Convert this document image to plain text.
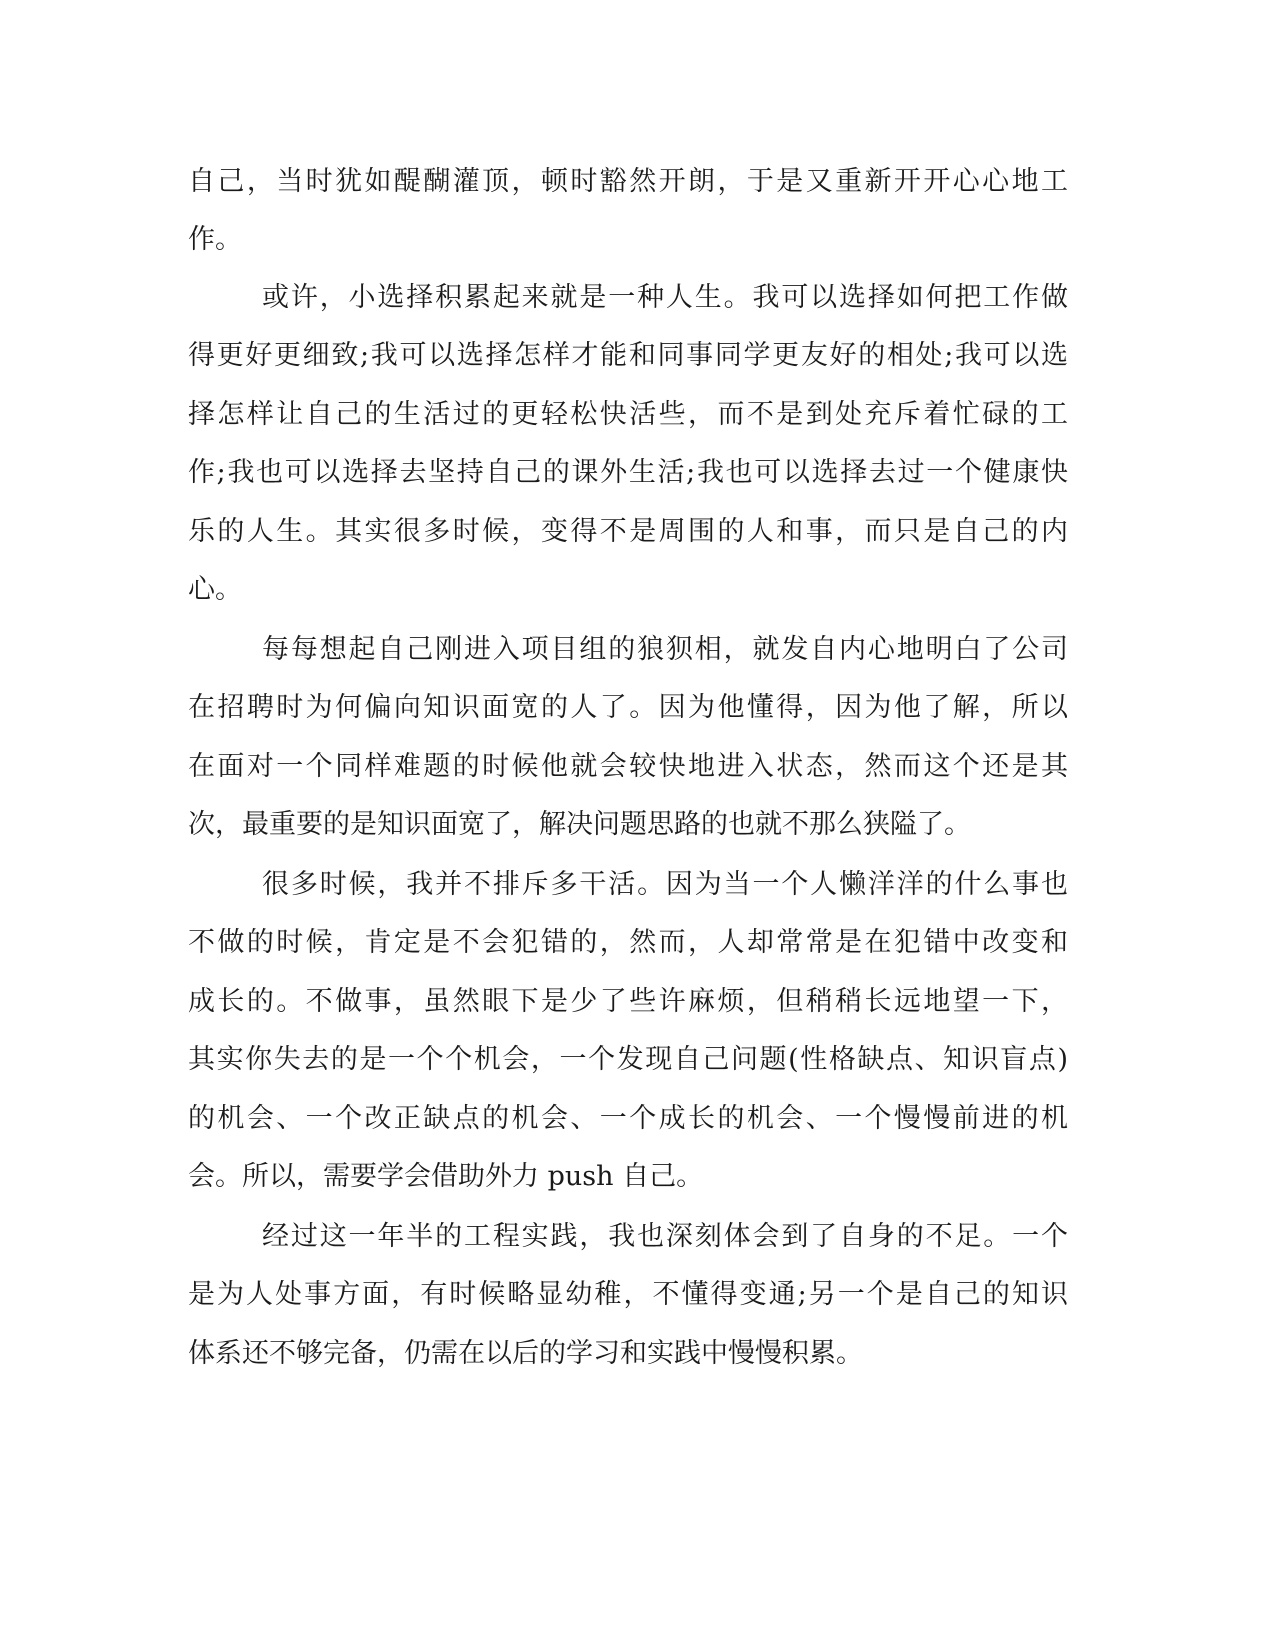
自己，当时犹如醍醐灌顶，顿时豁然开朗，于是又重新开开心心地工
作。
或许，小选择积累起来就是一种人生。我可以选择如何把工作做
得更好更细致;我可以选择怎样才能和同事同学更友好的相处;我可以选
择怎样让自己的生活过的更轻松快活些，而不是到处充斥着忙碌的工
作;我也可以选择去坚持自己的课外生活;我也可以选择去过一个健康快
乐的人生。其实很多时候，变得不是周围的人和事，而只是自己的内
心。
每每想起自己刚进入项目组的狼狈相，就发自内心地明白了公司
在招聘时为何偏向知识面宽的人了。因为他懂得，因为他了解，所以
在面对一个同样难题的时候他就会较快地进入状态，然而这个还是其
次，最重要的是知识面宽了，解决问题思路的也就不那么狭隘了。
很多时候，我并不排斥多干活。因为当一个人懒洋洋的什么事也
不做的时候，肯定是不会犯错的，然而，人却常常是在犯错中改变和
成长的。不做事，虽然眼下是少了些许麻烦，但稍稍长远地望一下，
其实你失去的是一个个机会，一个发现自己问题(性格缺点、知识盲点)
的机会、一个改正缺点的机会、一个成长的机会、一个慢慢前进的机
会。所以，需要学会借助外力 push 自己。
经过这一年半的工程实践，我也深刻体会到了自身的不足。一个
是为人处事方面，有时候略显幼稚，不懂得变通;另一个是自己的知识
体系还不够完备，仍需在以后的学习和实践中慢慢积累。
